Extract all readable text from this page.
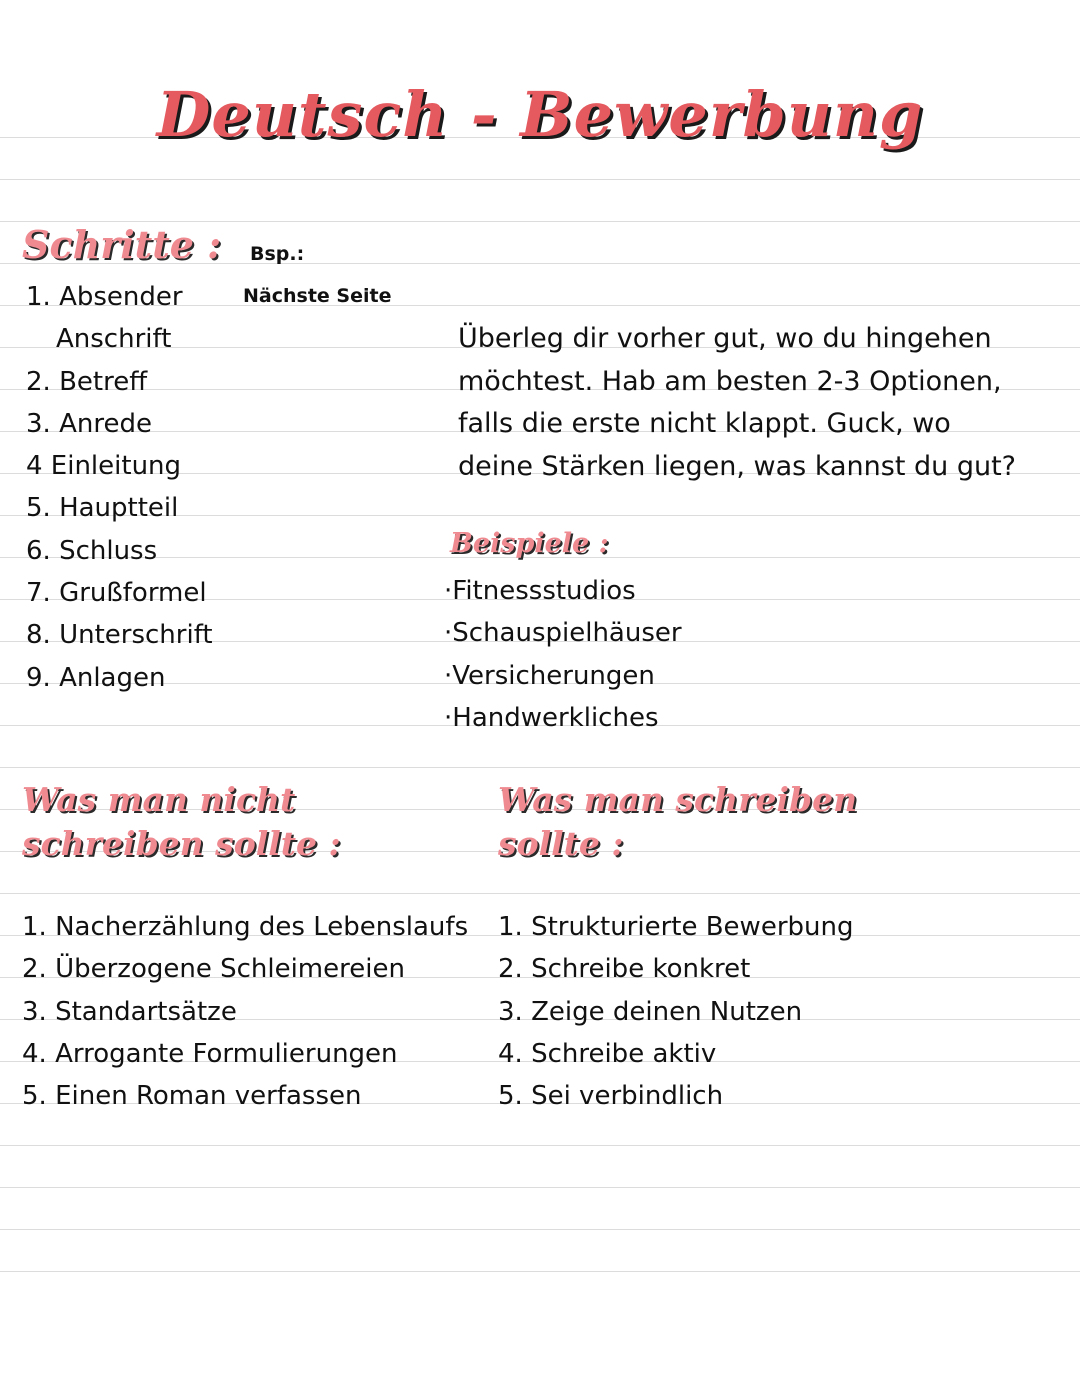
Deutsch - Bewerbung
Schritte : Bsp.:
Nächste Seite
1. Absender
Anschrift
2. Betreff
3. Anrede
4 Einleitung
5. Hauptteil
6. Schluss
7. Grußformel
8. Unterschrift
9. Anlagen
Überleg dir vorher gut, wo du hingehen
möchtest. Hab am besten 2-3 Optionen,
falls die erste nicht klappt. Guck, wo
deine Stärken liegen, was kannst du gut?
Beispiele :
·Fitnessstudios
·Schauspielhäuser
·Versicherungen
·Handwerkliches
Was man nicht
schreiben sollte :
1. Nacherzählung des Lebenslaufs
2. Überzogene Schleimereien
3. Standartsätze
4. Arrogante Formulierungen
5. Einen Roman verfassen
Was man schreiben
sollte :
1. Strukturierte Bewerbung
2. Schreibe konkret
3. Zeige deinen Nutzen
4. Schreibe aktiv
5. Sei verbindlich
